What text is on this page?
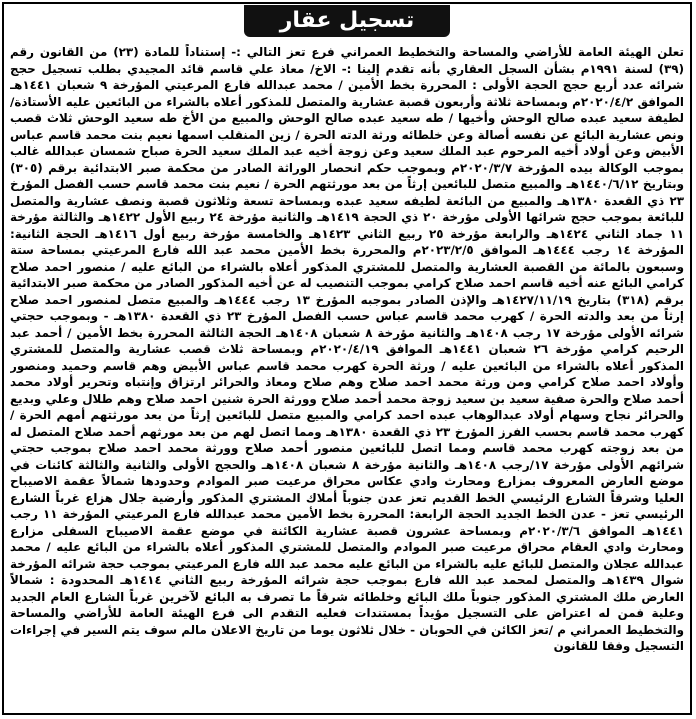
تسجيل عقار
تعلن الهيئة العامة للأراضي والمساحة والتخطيط العمراني فرع تعز التالي :- إستناداً للمادة (٢٣) من القانون رقم (٣٩) لسنة ١٩٩١م بشأن السجل العقاري بأنه تقدم إلينا :- الاخ/ معاذ علي قاسم قائد المجيدي بطلب تسجيل حجج شرائه عدد أربع حجج الحجة الأولى : المحررة بخط الأمين / محمد عبدالله فارع المرعيتي المؤرخة ٩ شعبان ١٤٤١هـ الموافق ٢٠٢٠/٤/٢م وبمساحة ثلاثة وأربعون قصبة عشارية والمتصل للمذكور أعلاه بالشراء من البائعين عليه الأستاذة/ لطيفة سعيد عبده صالح الوحش وأخيها / طه سعيد عبده صالح الوحش والمبيع من الأخ طه سعيد الوحش ثلاث قصب ونص عشارية البائع عن نفسه أصالة وعن خلطائه ورثة الدته الحرة / زين المنقلب اسمها نعيم بنت محمد قاسم عباس الأبيض وعن أولاد أخيه المرحوم عبد الملك سعيد وعن زوجة أخيه عبد الملك سعيد الحرة صباح شمسان عبدالله غالب بموجب الوكالة بيده المؤرخة ٢٠٢٠/٣/٧م وبموجب حكم انحصار الوراثة الصادر من محكمة صبر الابتدائية برقم (٣٠٥) وبتاريخ ١٤٤٠/٦/١٢هـ والمبيع متصل للبائعين إرثاً من بعد مورثتهم الحرة / نعيم بنت محمد قاسم حسب الفصل المؤرخ ٢٣ ذي القعدة ١٣٨٠هـ والمبيع من البائعة لطيفه سعيد عبده وبمساحة تسعة وثلاثون قصبة ونصف عشارية والمتصل للبائعة بموجب حجج شرائها الأولى مؤرخة ٢٠ ذي الحجة ١٤١٩هـ والثانية مؤرخة ٢٤ ربيع الأول ١٤٢٢هـ والثالثة مؤرخة ١١ جماد الثاني ١٤٢٤هـ والرابعة مؤرخة ٢٥ ربيع الثاني ١٤٢٣هـ والخامسة مؤرخة ربيع أول ١٤١٦هـ الحجة الثانية: المؤرخة ١٤ رجب ١٤٤٤هـ الموافق ٢٠٢٣/٢/٥م والمحررة بخط الأمين محمد عبد الله فارع المرعيتي بمساحة ستة وسبعون بالمائة من القصبة العشارية والمتصل للمشتري المذكور أعلاه بالشراء من البائع عليه / منصور احمد صلاح كرامي البائع عنه أخيه قاسم احمد صلاح كرامي بموجب التنصيب له عن أخيه المذكور الصادر من محكمة صبر الابتدائية برقم (٣١٨) بتاريخ ١٤٢٧/١١/١٩هـ والإذن الصادر بموجبه المؤرخ ١٣ رجب ١٤٤٤هـ والمبيع متصل لمنصور احمد صلاح إرثاً من بعد والدته الحرة / كهرب محمد قاسم عباس حسب الفصل المؤرخ ٢٣ ذي القعدة ١٣٨٠هـ - وبموجب حجتي شرائه الأولى مؤرخة ١٧ رجب ١٤٠٨هـ والثانية مؤرخة ٨ شعبان ١٤٠٨هـ الحجة الثالثة المحررة بخط الأمين / أحمد عبد الرحيم كرامي مؤرخة ٢٦ شعبان ١٤٤١هـ الموافق ٢٠٢٠/٤/١٩م وبمساحة ثلاث قصب عشارية والمتصل للمشتري المذكور أعلاه بالشراء من البائعين عليه / ورثة الحرة كهرب محمد قاسم عباس الأبيض وهم قاسم وحميد ومنصور وأولاد احمد صلاح كرامي ومن ورثة محمد احمد صلاح وهم صلاح ومعاذ والحرائر ارتزاق وإنتباه وتحرير أولاد محمد أحمد صلاح والحرة صفية سعيد بن سعيد زوجة محمد أحمد صلاح وورثة الحرة شنين احمد صلاح وهم طلال وعلي وبديع والحرائر نجاح وسهام أولاد عبدالوهاب عبده احمد كرامي والمبيع متصل للبائعين إرثاً من بعد مورثتهم أمهم الحرة / كهرب محمد قاسم بحسب الفرز المؤرخ ٢٣ ذي القعدة ١٣٨٠هـ ومما اتصل لهم من بعد مورثهم أحمد صلاح المتصل له من بعد زوجته كهرب محمد قاسم ومما اتصل للبائعين منصور أحمد صلاح وورثة محمد احمد صلاح بموجب حجتي شرائهم الأولى مؤرخة ١٧/رجب ١٤٠٨هـ والثانية مؤرخة ٨ شعبان ١٤٠٨هـ والحجج الأولى والثانية والثالثة كائنات في موضع العارض المعروف بمزارع ومحارث وادي عكاس محراق مرعيت صبر الموادم وحدودها شمالاً عقمة الاصيباح العليا وشرقاً الشارع الرئيسي الخط القديم تعز عدن جنوباً أملاك المشتري المذكور وأرضية جلال هزاع غرباً الشارع الرئيسي تعز - عدن الخط الجديد الحجة الرابعة: المحررة بخط الأمين محمد عبدالله فارع المرعيتي المؤرخة ١١ رجب ١٤٤١هـ الموافق ٢٠٢٠/٣/٦م وبمساحة عشرون قصبة عشارية الكائنة في موضع عقمة الاصيباح السفلى مزارع ومحارث وادي العقام محراق مرعيت صبر الموادم والمتصل للمشتري المذكور أعلاه بالشراء من البائع عليه / محمد عبدالله عجلان والمتصل للبائع عليه بالشراء من البائع عليه محمد عبد الله فارع المرعيتي بموجب حجة شرائه المؤرخة شوال ١٤٣٩هـ والمتصل لمحمد عبد الله فارع بموجب حجة شرائه المؤرخة ربيع الثاني ١٤١٤هـ المحدودة : شمالاً العارض ملك المشتري المذكور جنوباً ملك البائع وخلطائه شرقاً ما تصرف به البائع لآخرين غرباً الشارع العام الجديد وعلية فمن له اعتراض على التسجيل مؤيداً بمستندات فعليه التقدم الى فرع الهيئة العامة للأراضي والمساحة والتخطيط العمراني م /تعز الكائن في الحوبان - خلال ثلاثون يوما من تاريخ الاعلان مالم سوف يتم السير في إجراءات التسجيل وفقا للقانون
